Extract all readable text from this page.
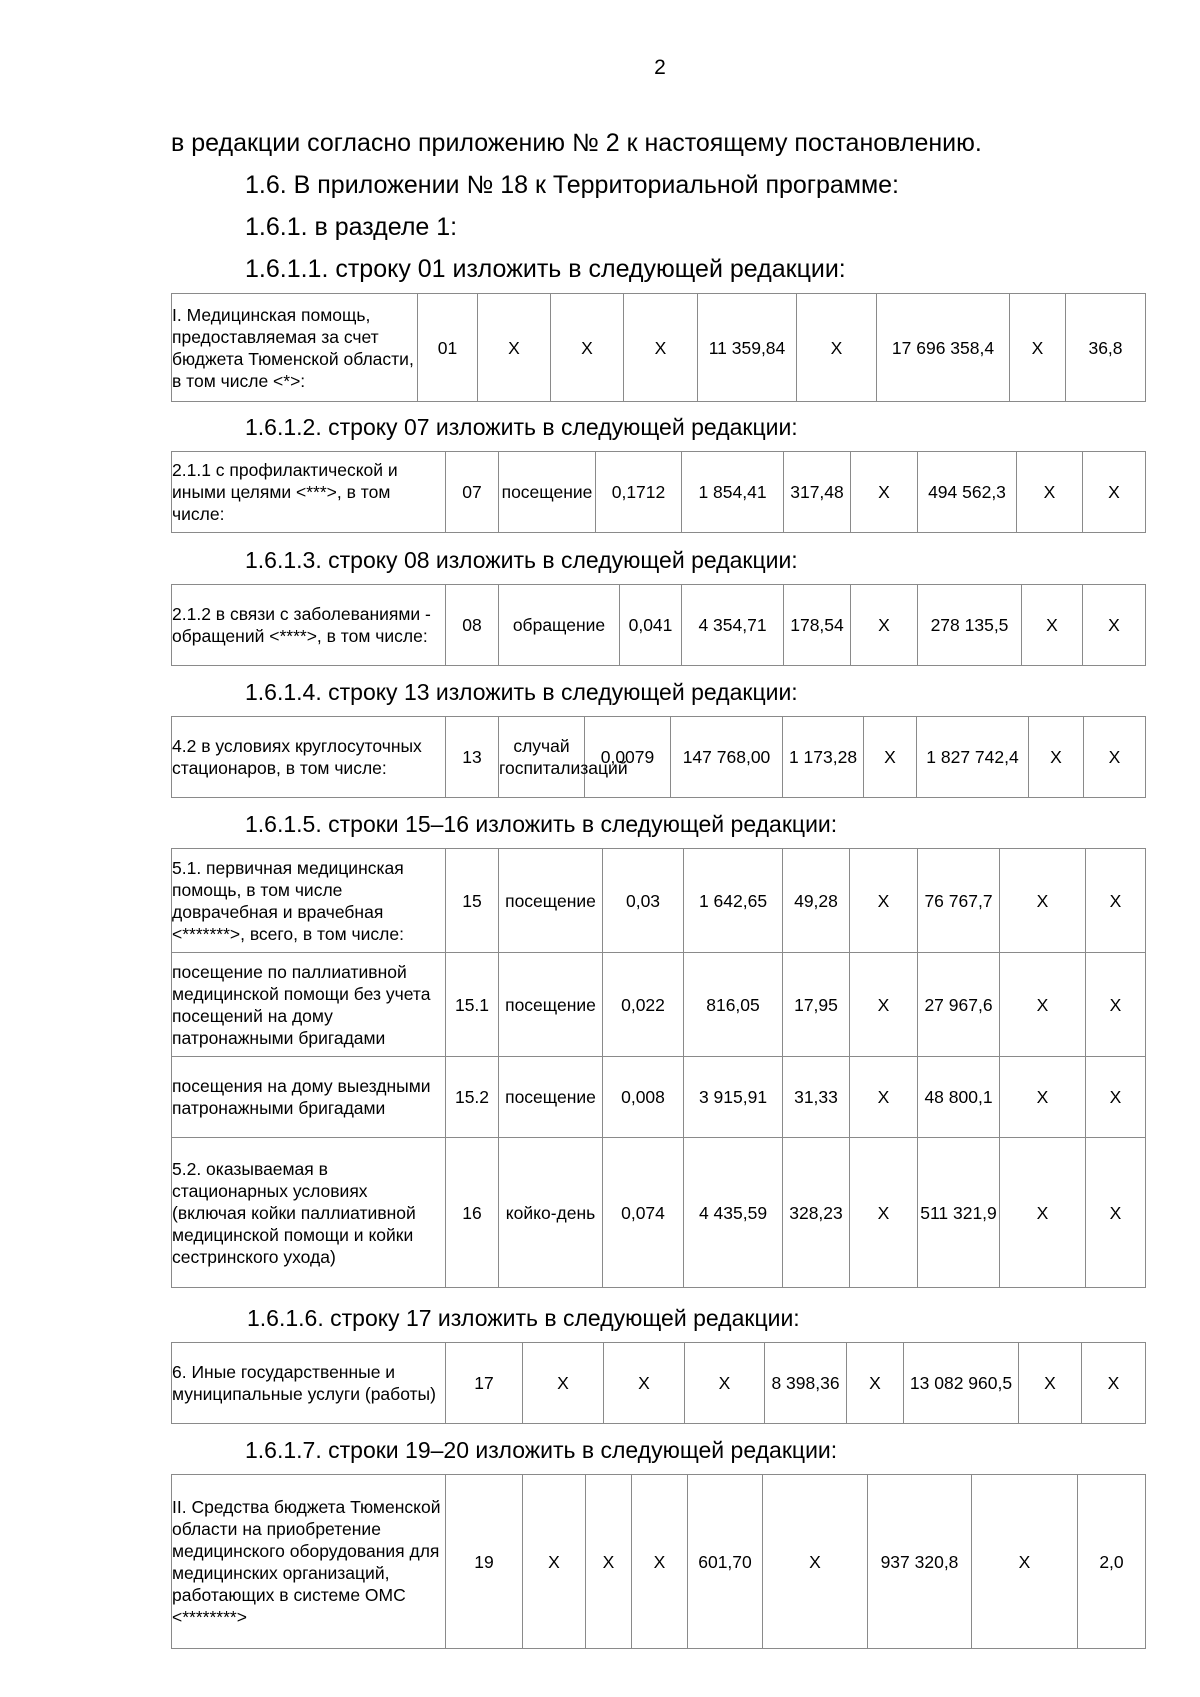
2
в редакции согласно приложению № 2 к настоящему постановлению.
1.6. В приложении № 18 к Территориальной программе:
1.6.1. в разделе 1:
1.6.1.1. строку 01 изложить в следующей редакции:
I. Медицинская помощь, предоставляемая за счет бюджета Тюменской области, в том числе <*>:	01	X	X	X	11 359,84	X	17 696 358,4	X	36,8
1.6.1.2. строку 07 изложить в следующей редакции:
2.1.1 с профилактической и иными целями <***>, в том числе:	07	посещение	0,1712	1 854,41	317,48	X	494 562,3	X	X
1.6.1.3. строку 08 изложить в следующей редакции:
2.1.2 в связи с заболеваниями - обращений <****>, в том числе:	08	обращение	0,041	4 354,71	178,54	X	278 135,5	X	X
1.6.1.4. строку 13 изложить в следующей редакции:
4.2 в условиях круглосуточных стационаров, в том числе:	13	случай госпитализаций	0,0079	147 768,00	1 173,28	X	1 827 742,4	X	X
1.6.1.5. строки 15–16 изложить в следующей редакции:
5.1. первичная медицинская помощь, в том числе доврачебная и врачебная <*******>, всего, в том числе:	15	посещение	0,03	1 642,65	49,28	X	76 767,7	X	X
посещение по паллиативной медицинской помощи без учета посещений на дому патронажными бригадами	15.1	посещение	0,022	816,05	17,95	X	27 967,6	X	X
посещения на дому выездными патронажными бригадами	15.2	посещение	0,008	3 915,91	31,33	X	48 800,1	X	X
5.2. оказываемая в стационарных условиях (включая койки паллиативной медицинской помощи и койки сестринского ухода)	16	койко-день	0,074	4 435,59	328,23	X	511 321,9	X	X
1.6.1.6. строку 17 изложить в следующей редакции:
6. Иные государственные и муниципальные услуги (работы)	17	X	X	X	8 398,36	X	13 082 960,5	X	X
1.6.1.7. строки 19–20 изложить в следующей редакции:
II. Средства бюджета Тюменской области на приобретение медицинского оборудования для медицинских организаций, работающих в системе ОМС <********>	19	X	X	X	601,70	X	937 320,8	X	2,0
